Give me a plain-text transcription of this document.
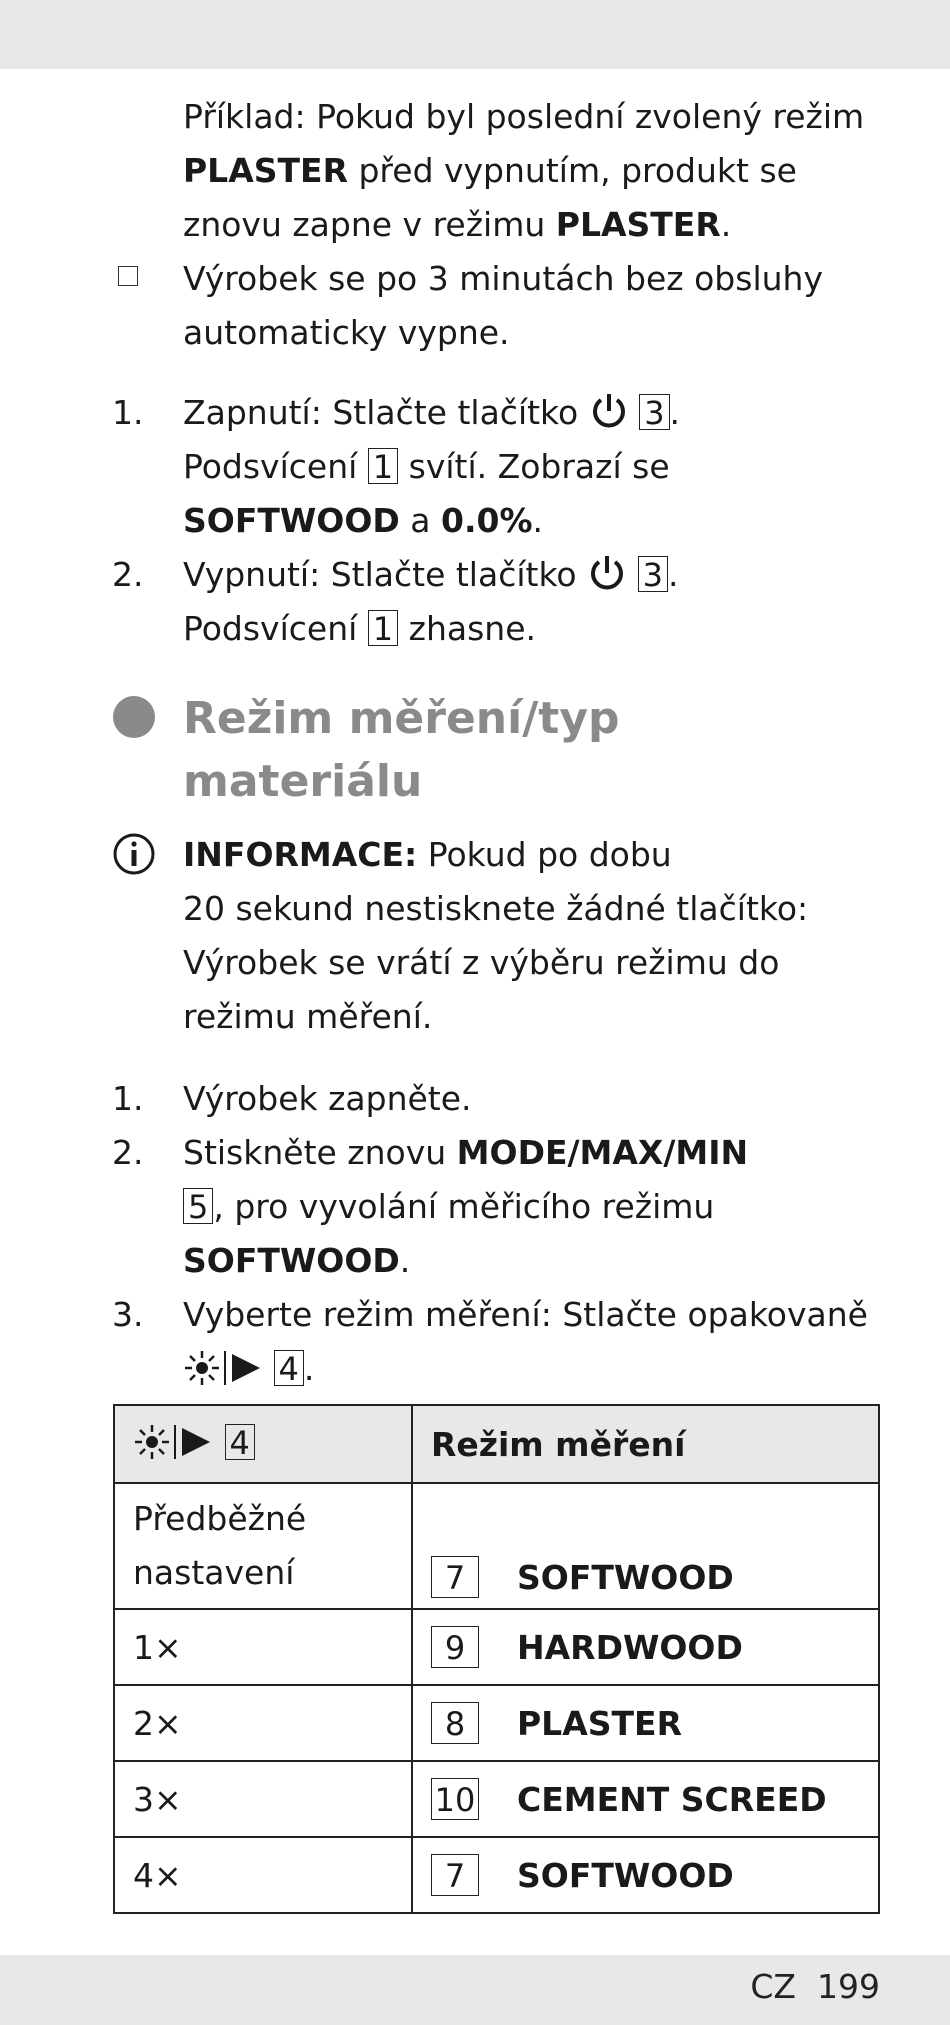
Příklad: Pokud byl poslední zvolený režim

PLASTER před vypnutím, produkt se

znovu zapne v režimu PLASTER.

Výrobek se po 3 minutách bez obsluhy

automaticky vypne.

1. Zapnutí: Stlačte tlačítko 3 .

Podsvícení 1 svítí. Zobrazí se

SOFTWOOD a 0.0%.

2. Vypnutí: Stlačte tlačítko 3 .

Podsvícení 1 zhasne.

Režim měření/typ

materiálu

INFORMACE: Pokud po dobu

20 sekund nestisknete žádné tlačítko:

Výrobek se vrátí z výběru režimu do

režimu měření.

1. Výrobek zapněte.

2. Stiskněte znovu MODE/MAX/MIN

5 , pro vyvolání měřicího režimu

SOFTWOOD.

3. Vyberte režim měření: Stlačte opakovaně

4 .

4	Režim měření
Předběžné
nastavení	7 SOFTWOOD
1×	9 HARDWOOD
2×	8 PLASTER
3×	10 CEMENT SCREED
4×	7 SOFTWOOD
CZ  199
